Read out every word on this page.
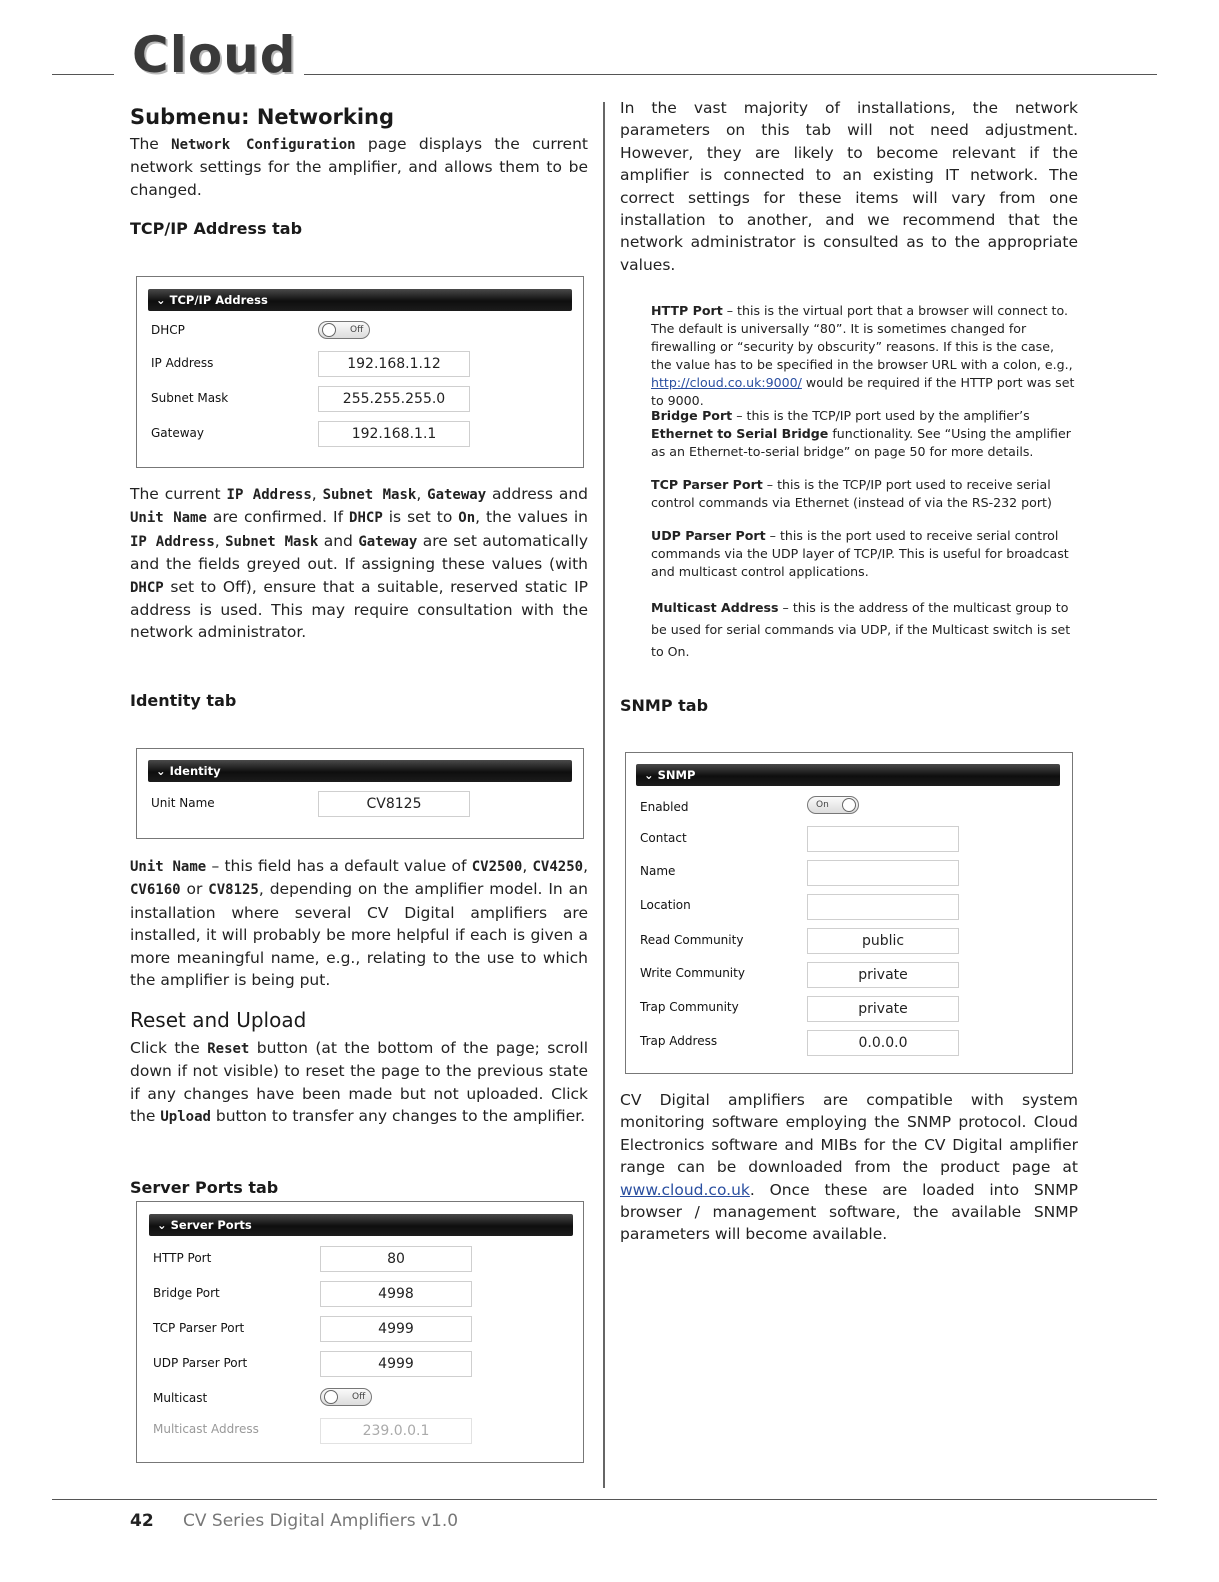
Cloud
Submenu: Networking
The Network Configuration page displays the current network settings for the amplifier, and allows them to be changed.
TCP/IP Address tab
⌄ TCP/IP Address
DHCP	Off
IP Address	192.168.1.12
Subnet Mask	255.255.255.0
Gateway	192.168.1.1
The current IP Address, Subnet Mask, Gateway address and Unit Name are confirmed. If DHCP is set to On, the values in IP Address, Subnet Mask and Gateway are set automatically and the fields greyed out. If assigning these values (with DHCP set to Off), ensure that a suitable, reserved static IP address is used. This may require consultation with the network administrator.
Identity tab
⌄ Identity
Unit Name	CV8125
Unit Name – this field has a default value of CV2500, CV4250, CV6160 or CV8125, depending on the amplifier model. In an installation where several CV Digital amplifiers are installed, it will probably be more helpful if each is given a more meaningful name, e.g., relating to the use to which the amplifier is being put.
Reset and Upload
Click the Reset button (at the bottom of the page; scroll down if not visible) to reset the page to the previous state if any changes have been made but not uploaded. Click the Upload button to transfer any changes to the amplifier.
Server Ports tab
⌄ Server Ports
HTTP Port	80
Bridge Port	4998
TCP Parser Port	4999
UDP Parser Port	4999
Multicast	Off
Multicast Address	239.0.0.1
In the vast majority of installations, the network parameters on this tab will not need adjustment. However, they are likely to become relevant if the amplifier is connected to an existing IT network. The correct settings for these items will vary from one installation to another, and we recommend that the network administrator is consulted as to the appropriate values.
HTTP Port – this is the virtual port that a browser will connect to. The default is universally “80”. It is sometimes changed for firewalling or “security by obscurity” reasons. If this is the case, the value has to be specified in the browser URL with a colon, e.g., http://cloud.co.uk:9000/ would be required if the HTTP port was set to 9000.
Bridge Port – this is the TCP/IP port used by the amplifier’s Ethernet to Serial Bridge functionality. See “Using the amplifier as an Ethernet-to-serial bridge” on page 50 for more details.
TCP Parser Port – this is the TCP/IP port used to receive serial control commands via Ethernet (instead of via the RS-232 port)
UDP Parser Port – this is the port used to receive serial control commands via the UDP layer of TCP/IP. This is useful for broadcast and multicast control applications.
Multicast Address – this is the address of the multicast group to be used for serial commands via UDP, if the Multicast switch is set to On.
SNMP tab
⌄ SNMP
Enabled	On
Contact
Name
Location
Read Community	public
Write Community	private
Trap Community	private
Trap Address	0.0.0.0
CV Digital amplifiers are compatible with system monitoring software employing the SNMP protocol. Cloud Electronics software and MIBs for the CV Digital amplifier range can be downloaded from the product page at www.cloud.co.uk. Once these are loaded into SNMP browser / management software, the available SNMP parameters will become available.
42 CV Series Digital Amplifiers v1.0
